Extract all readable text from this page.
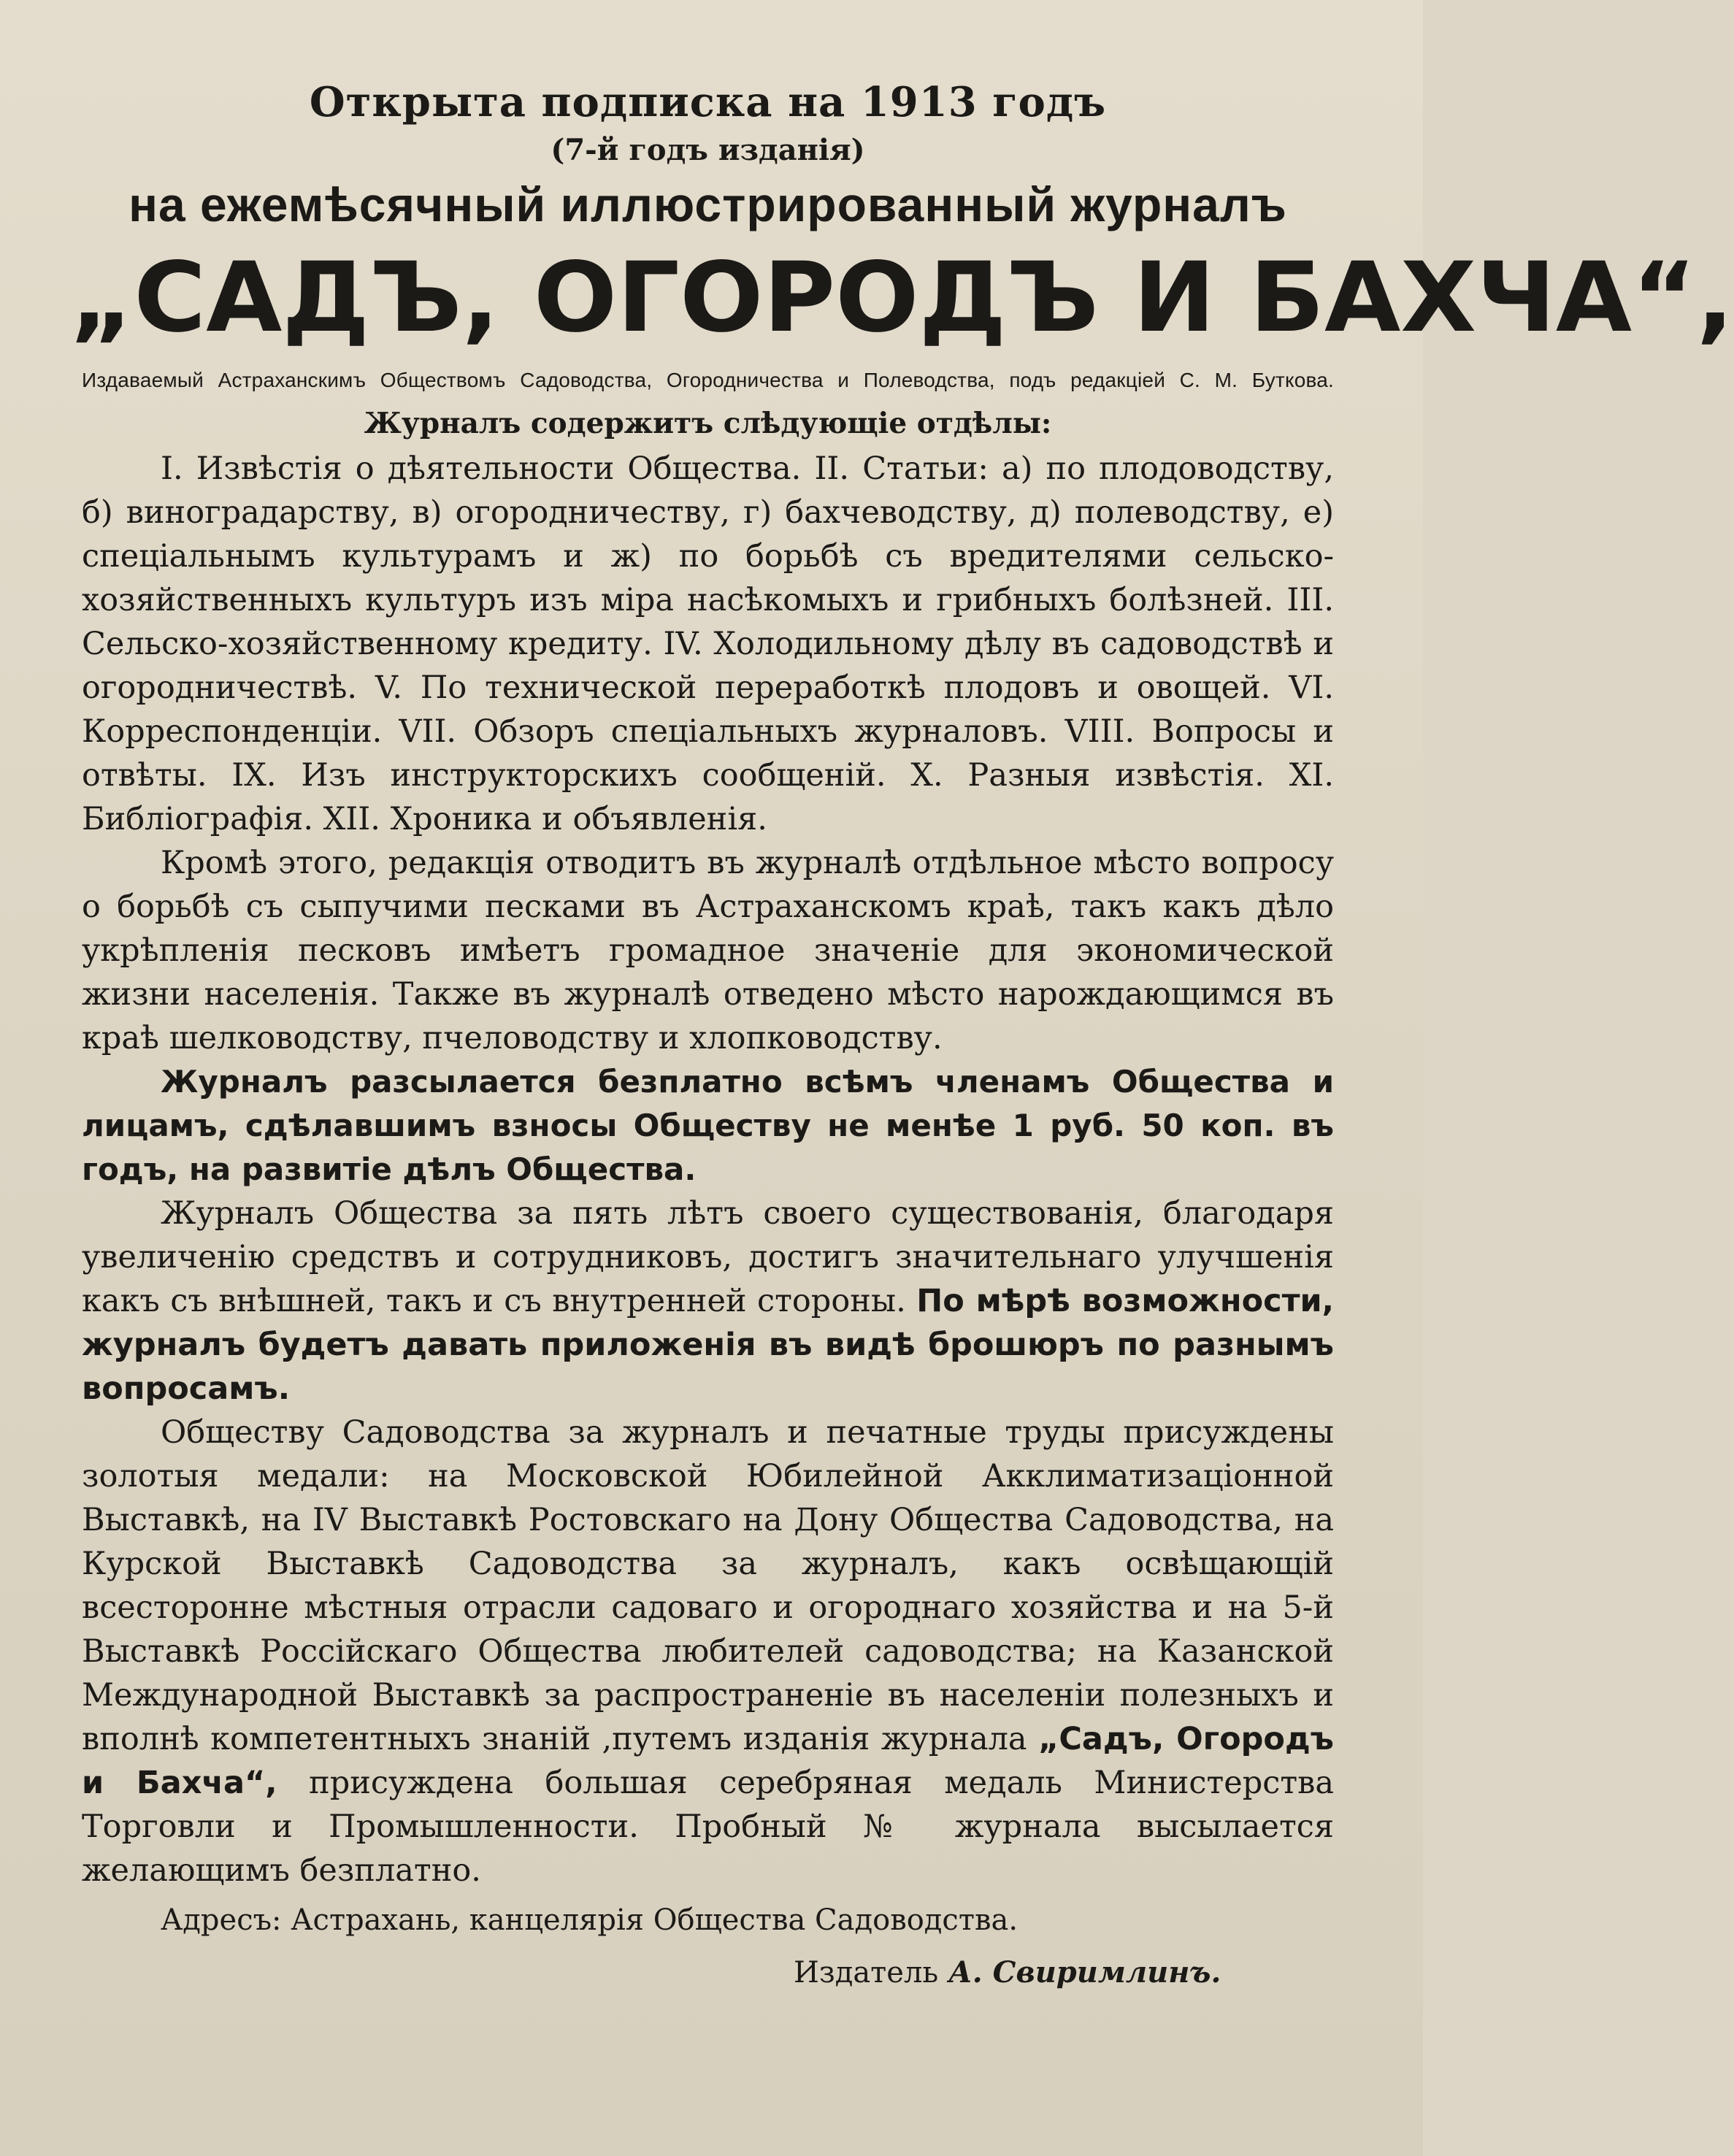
Открыта подписка на 1913 годъ
(7-й годъ изданія)
на ежемѣсячный иллюстрированный журналъ
„САДЪ, ОГОРОДЪ И БАХЧА“,
Издаваемый Астраханскимъ Обществомъ Садоводства, Огородничества и Полеводства, подъ редакціей С. М. Буткова.
Журналъ содержитъ слѣдующіе отдѣлы:

I. Извѣстія о дѣятельности Общества. II. Статьи: а) по плодоводству, б) виноградарству, в) огородничеству, г) бахчеводству, д) полеводству, е) спеціальнымъ культурамъ и ж) по борьбѣ съ вредителями сельско-хозяйственныхъ культуръ изъ міра насѣкомыхъ и грибныхъ болѣзней. III. Сельско-хозяйственному кредиту. IV. Холодильному дѣлу въ садоводствѣ и огородничествѣ. V. По технической переработкѣ плодовъ и овощей. VI. Корреспонденціи. VII. Обзоръ спеціальныхъ журналовъ. VIII. Вопросы и отвѣты. IX. Изъ инструкторскихъ сообщеній. X. Разныя извѣстія. XI. Библіографія. XII. Хроника и объявленія.

Кромѣ этого, редакція отводитъ въ журналѣ отдѣльное мѣсто вопросу о борьбѣ съ сыпучими песками въ Астраханскомъ краѣ, такъ какъ дѣло укрѣпленія песковъ имѣетъ громадное значеніе для экономической жизни населенія. Также въ журналѣ отведено мѣсто нарождающимся въ краѣ шелководству, пчеловодству и хлопководству.

Журналъ разсылается безплатно всѣмъ членамъ Общества и лицамъ, сдѣлавшимъ взносы Обществу не менѣе 1 руб. 50 коп. въ годъ, на развитіе дѣлъ Общества.

Журналъ Общества за пять лѣтъ своего существованія, благодаря увеличенію средствъ и сотрудниковъ, достигъ значительнаго улучшенія какъ съ внѣшней, такъ и съ внутренней стороны. По мѣрѣ возможности, журналъ будетъ давать приложенія въ видѣ брошюръ по разнымъ вопросамъ.

Обществу Садоводства за журналъ и печатные труды присуждены золотыя медали: на Московской Юбилейной Акклиматизаціонной Выставкѣ, на IV Выставкѣ Ростовскаго на Дону Общества Садоводства, на Курской Выставкѣ Садоводства за журналъ, какъ освѣщающій всесторонне мѣстныя отрасли садоваго и огороднаго хозяйства и на 5-й Выставкѣ Россійскаго Общества любителей садоводства; на Казанской Международной Выставкѣ за распространеніе въ населеніи полезныхъ и вполнѣ компетентныхъ знаній ,путемъ изданія журнала „Садъ, Огородъ и Бахча“, присуждена большая серебряная медаль Министерства Торговли и Промышленности. Пробный № журнала высылается желающимъ безплатно.

Адресъ: Астрахань, канцелярія Общества Садоводства.

Издатель А. Свиримлинъ.
